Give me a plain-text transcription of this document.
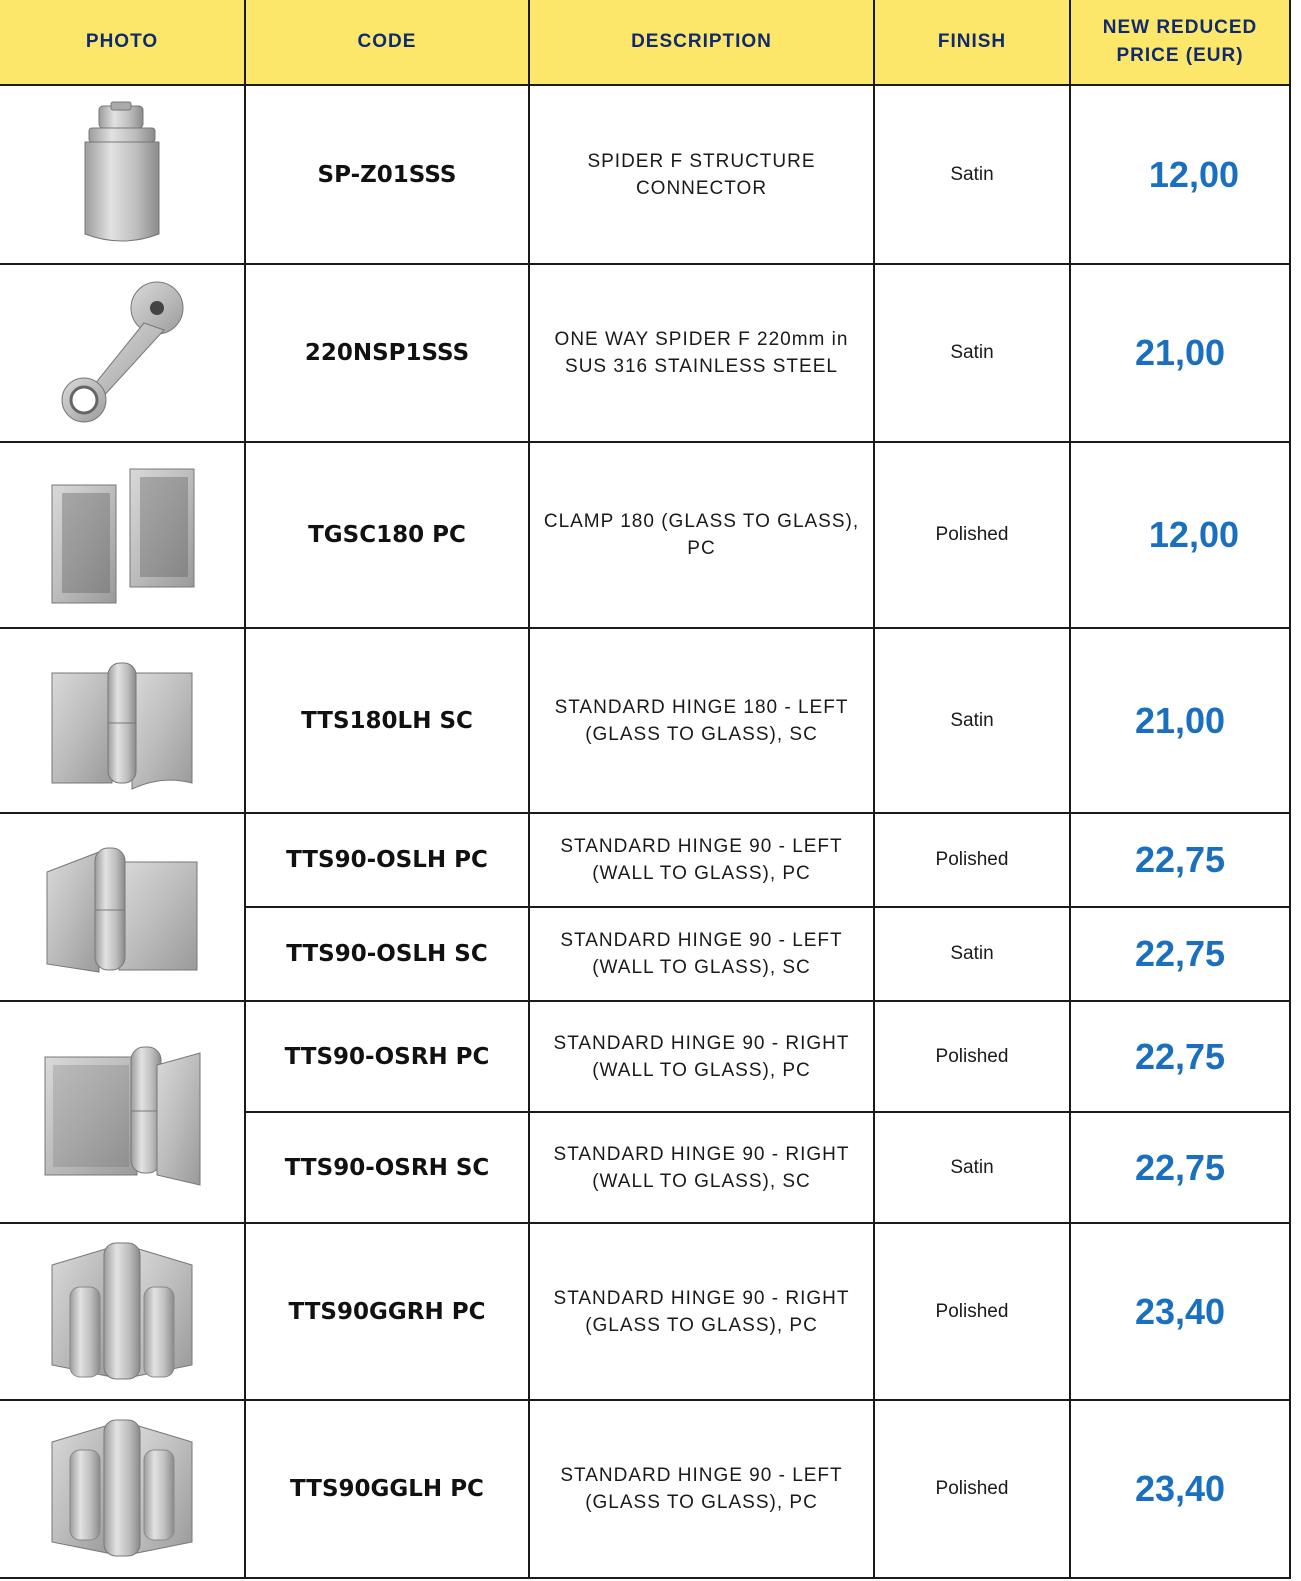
PHOTO	CODE	DESCRIPTION	FINISH	NEW REDUCED
PRICE (EUR)

	SP-Z01SSS	SPIDER F STRUCTURE
CONNECTOR	Satin	12,00

	220NSP1SSS	ONE WAY SPIDER F 220mm in
SUS 316 STAINLESS STEEL	Satin	21,00

	TGSC180 PC	CLAMP 180 (GLASS TO GLASS),
PC	Polished	12,00

	TTS180LH SC	STANDARD HINGE 180 - LEFT
(GLASS TO GLASS), SC	Satin	21,00

	TTS90-OSLH PC	STANDARD HINGE 90 - LEFT
(WALL TO GLASS), PC	Polished	22,75
	TTS90-OSLH SC	STANDARD HINGE 90 - LEFT
(WALL TO GLASS), SC	Satin	22,75

	TTS90-OSRH PC	STANDARD HINGE 90 - RIGHT
(WALL TO GLASS), PC	Polished	22,75
	TTS90-OSRH SC	STANDARD HINGE 90 - RIGHT
(WALL TO GLASS), SC	Satin	22,75

	TTS90GGRH PC	STANDARD HINGE 90 - RIGHT
(GLASS TO GLASS), PC	Polished	23,40

	TTS90GGLH PC	STANDARD HINGE 90 - LEFT
(GLASS TO GLASS), PC	Polished	23,40
